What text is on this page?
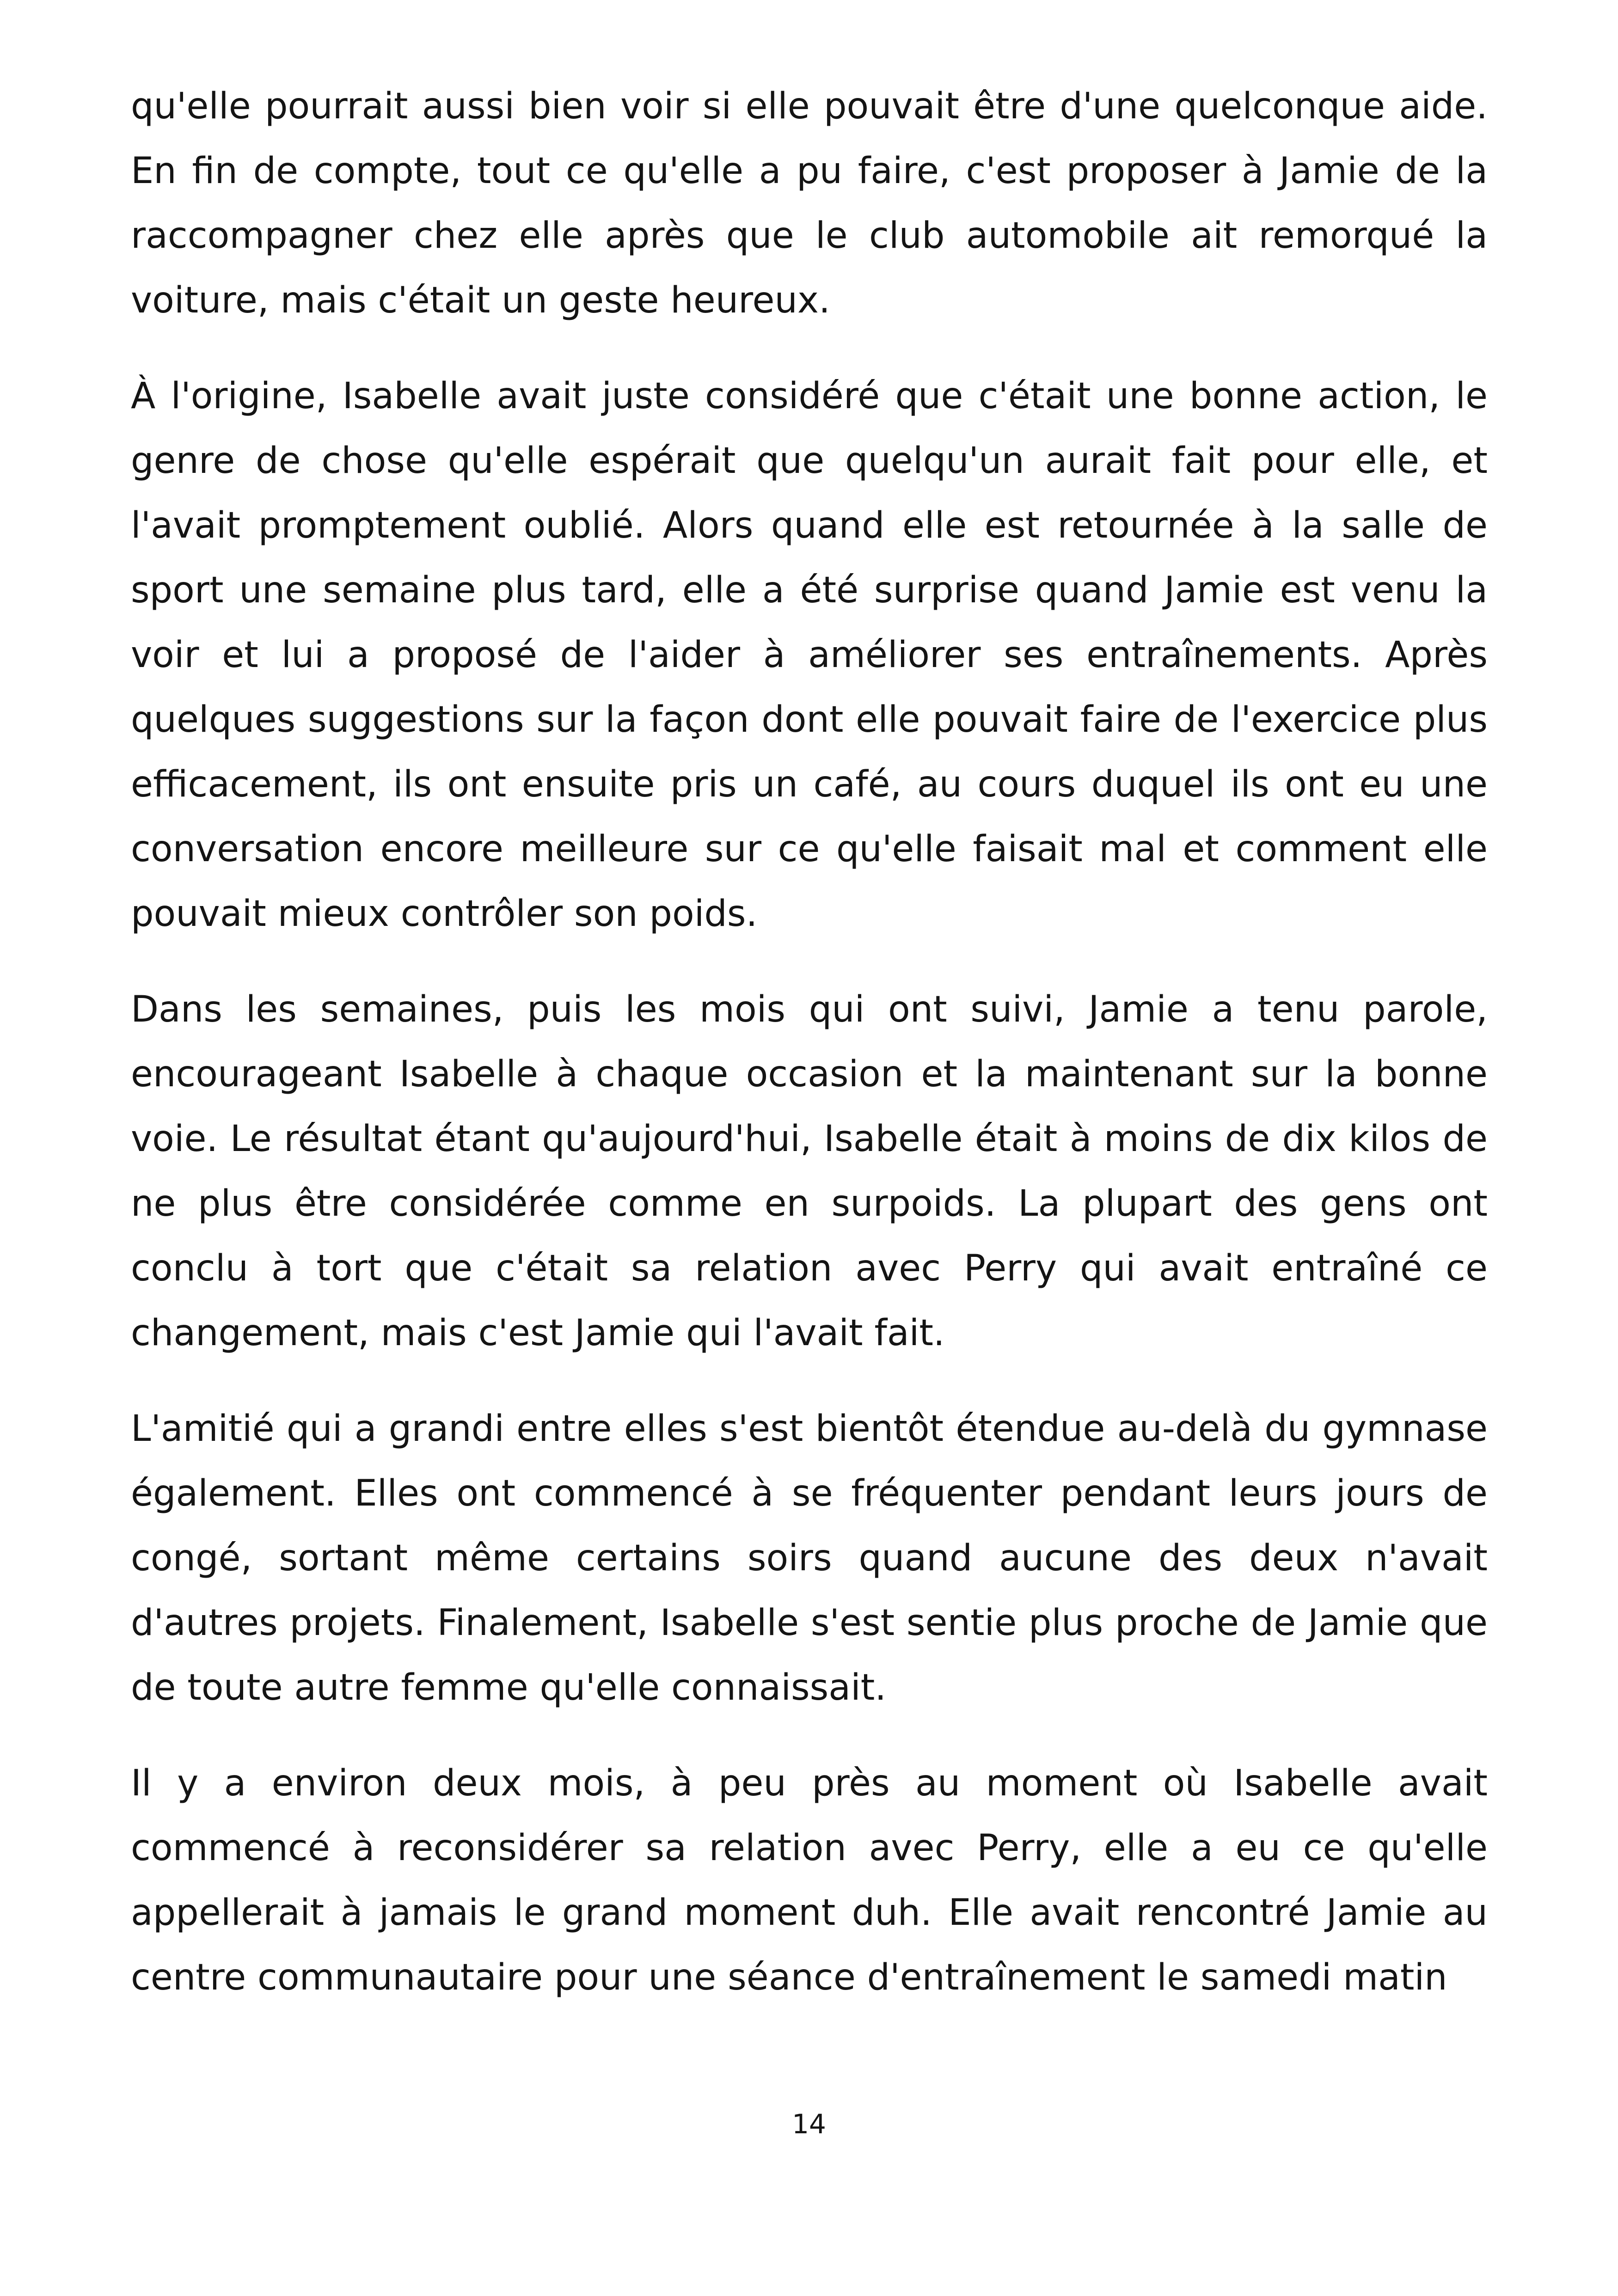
qu'elle pourrait aussi bien voir si elle pouvait être d'une quelconque aide. En fin de compte, tout ce qu'elle a pu faire, c'est proposer à Jamie de la raccompagner chez elle après que le club automobile ait remorqué la voiture, mais c'était un geste heureux.

À l'origine, Isabelle avait juste considéré que c'était une bonne action, le genre de chose qu'elle espérait que quelqu'un aurait fait pour elle, et l'avait promptement oublié. Alors quand elle est retournée à la salle de sport une semaine plus tard, elle a été surprise quand Jamie est venu la voir et lui a proposé de l'aider à améliorer ses entraînements. Après quelques suggestions sur la façon dont elle pouvait faire de l'exercice plus efficacement, ils ont ensuite pris un café, au cours duquel ils ont eu une conversation encore meilleure sur ce qu'elle faisait mal et comment elle pouvait mieux contrôler son poids.

Dans les semaines, puis les mois qui ont suivi, Jamie a tenu parole, encourageant Isabelle à chaque occasion et la maintenant sur la bonne voie. Le résultat étant qu'aujourd'hui, Isabelle était à moins de dix kilos de ne plus être considérée comme en surpoids. La plupart des gens ont conclu à tort que c'était sa relation avec Perry qui avait entraîné ce changement, mais c'est Jamie qui l'avait fait.

L'amitié qui a grandi entre elles s'est bientôt étendue au-delà du gymnase également. Elles ont commencé à se fréquenter pendant leurs jours de congé, sortant même certains soirs quand aucune des deux n'avait d'autres projets. Finalement, Isabelle s'est sentie plus proche de Jamie que de toute autre femme qu'elle connaissait.

Il y a environ deux mois, à peu près au moment où Isabelle avait commencé à reconsidérer sa relation avec Perry, elle a eu ce qu'elle appellerait à jamais le grand moment duh. Elle avait rencontré Jamie au centre communautaire pour une séance d'entraînement le samedi matin

14
